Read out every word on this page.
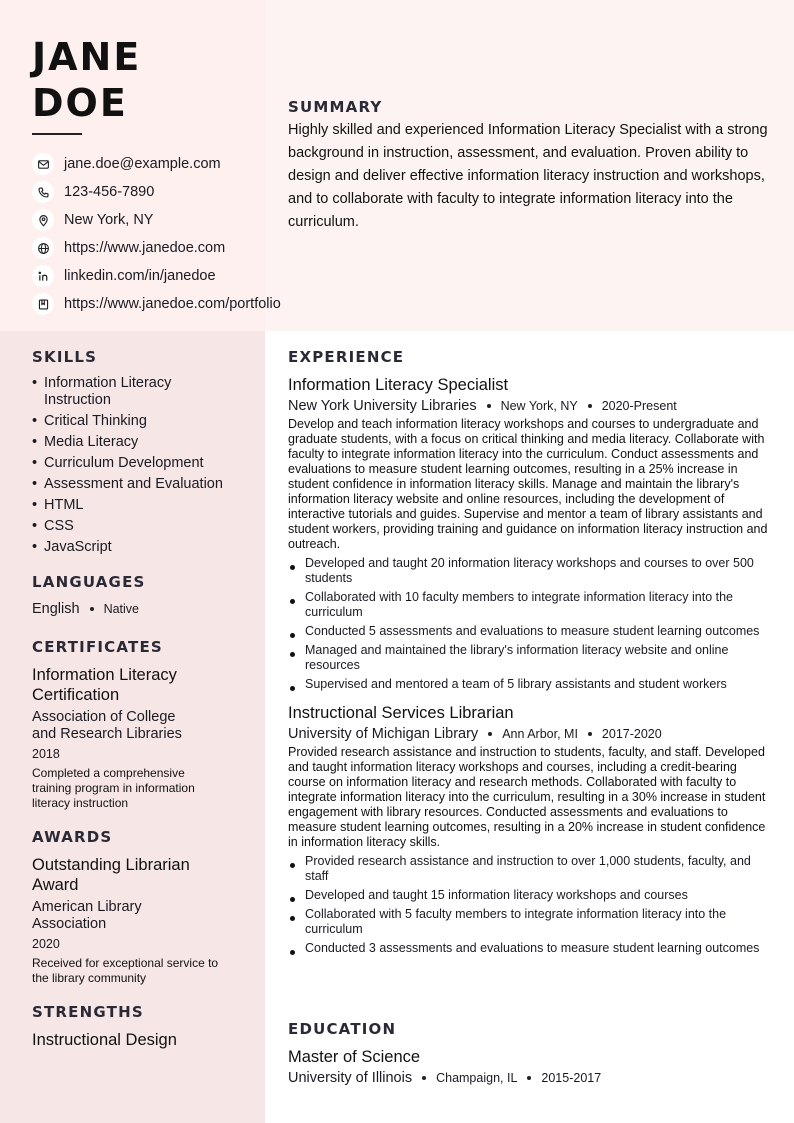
JANE
DOE
jane.doe@example.com
123-456-7890
New York, NY
https://www.janedoe.com
linkedin.com/in/janedoe
https://www.janedoe.com/portfolio
SUMMARY

Highly skilled and experienced Information Literacy Specialist with a strong background in instruction, assessment, and evaluation. Proven ability to design and deliver effective information literacy instruction and workshops, and to collaborate with faculty to integrate information literacy into the curriculum.

SKILLS
• Information Literacy Instruction
• Critical Thinking
• Media Literacy
• Curriculum Development
• Assessment and Evaluation
• HTML
• CSS
• JavaScript
LANGUAGES
English Native
CERTIFICATES
Information Literacy Certification
Association of College and Research Libraries
2018
Completed a comprehensive training program in information literacy instruction
AWARDS
Outstanding Librarian Award
American Library Association
2020
Received for exceptional service to the library community
STRENGTHS
Instructional Design
EXPERIENCE
Information Literacy Specialist
New York University Libraries New York, NY 2020-Present
Develop and teach information literacy workshops and courses to undergraduate and graduate students, with a focus on critical thinking and media literacy. Collaborate with faculty to integrate information literacy into the curriculum. Conduct assessments and evaluations to measure student learning outcomes, resulting in a 25% increase in student confidence in information literacy skills. Manage and maintain the library's information literacy website and online resources, including the development of interactive tutorials and guides. Supervise and mentor a team of library assistants and student workers, providing training and guidance on information literacy instruction and outreach.
Developed and taught 20 information literacy workshops and courses to over 500 students
Collaborated with 10 faculty members to integrate information literacy into the curriculum
Conducted 5 assessments and evaluations to measure student learning outcomes
Managed and maintained the library's information literacy website and online resources
Supervised and mentored a team of 5 library assistants and student workers
Instructional Services Librarian
University of Michigan Library Ann Arbor, MI 2017-2020
Provided research assistance and instruction to students, faculty, and staff. Developed and taught information literacy workshops and courses, including a credit-bearing course on information literacy and research methods. Collaborated with faculty to integrate information literacy into the curriculum, resulting in a 30% increase in student engagement with library resources. Conducted assessments and evaluations to measure student learning outcomes, resulting in a 20% increase in student confidence in information literacy skills.
Provided research assistance and instruction to over 1,000 students, faculty, and staff
Developed and taught 15 information literacy workshops and courses
Collaborated with 5 faculty members to integrate information literacy into the curriculum
Conducted 3 assessments and evaluations to measure student learning outcomes
EDUCATION
Master of Science
University of Illinois Champaign, IL 2015-2017
